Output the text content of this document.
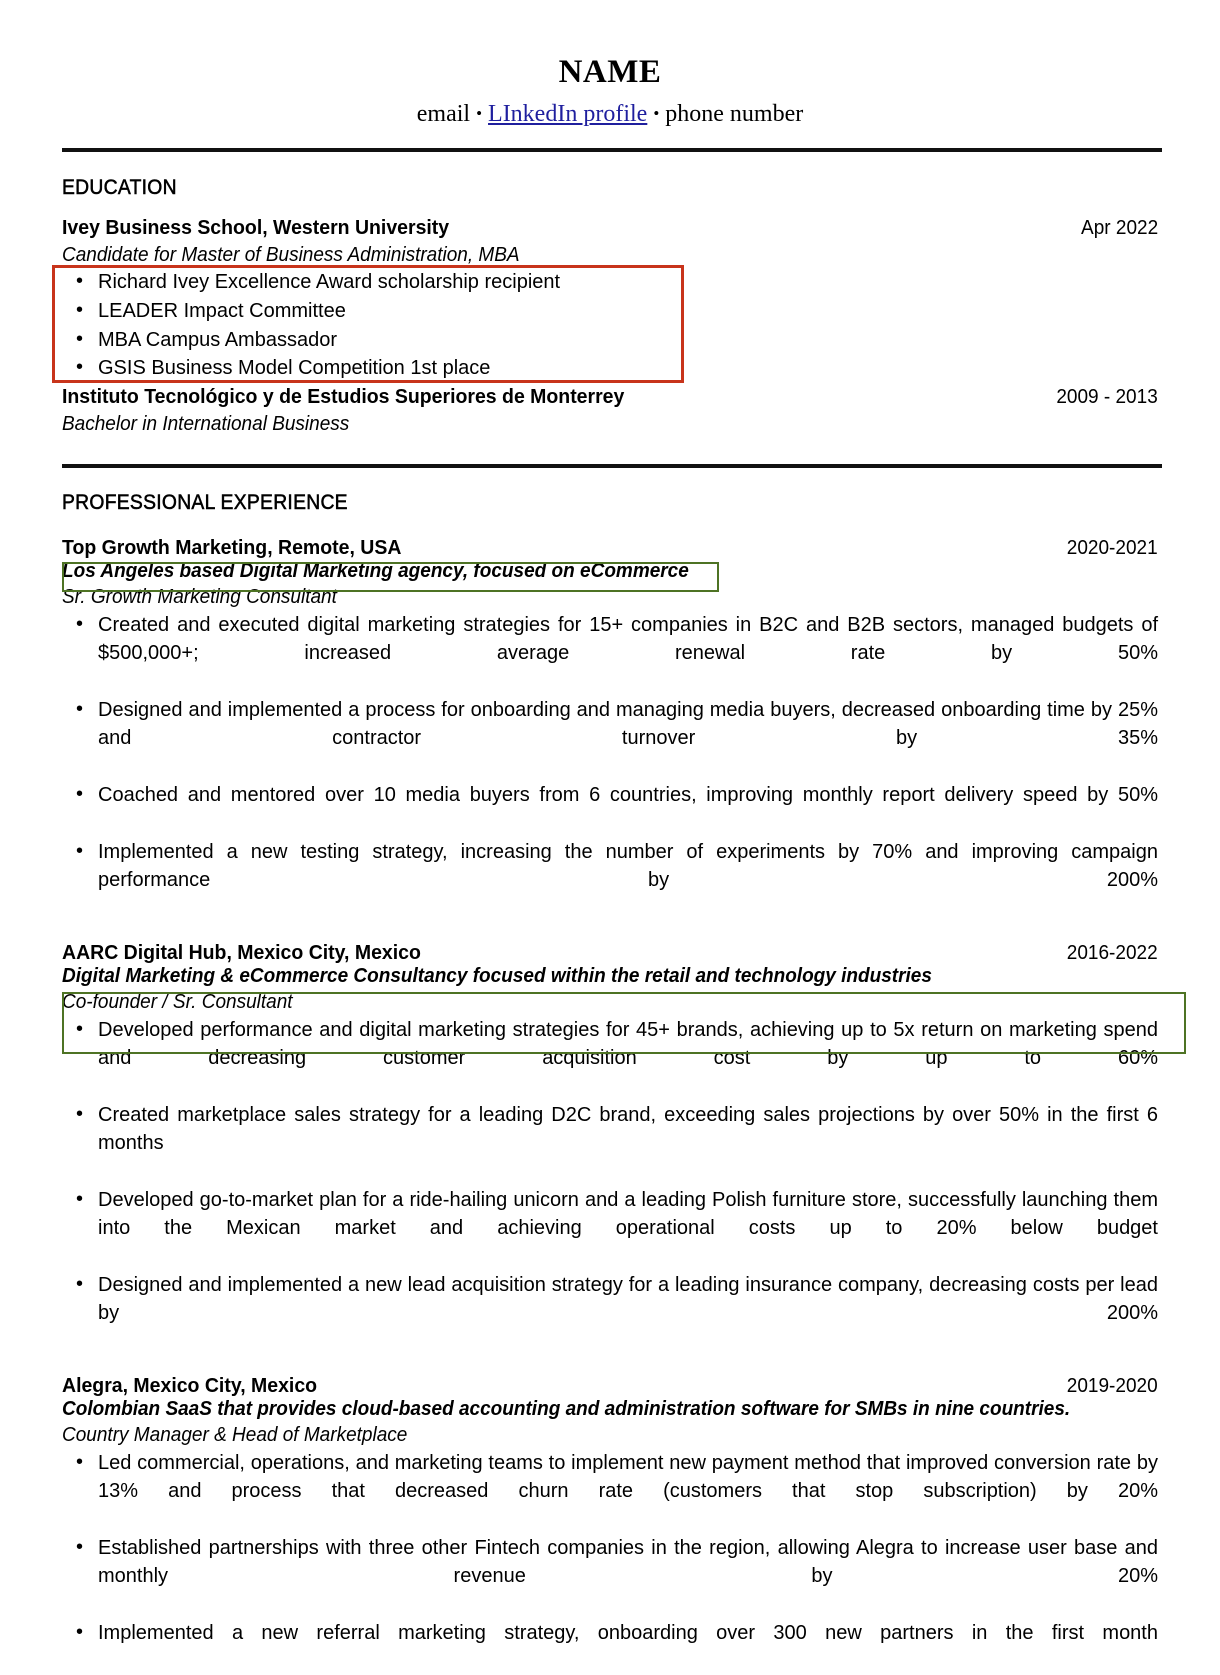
NAME
email • LInkedIn profile • phone number
EDUCATION
Ivey Business School, Western University	Apr 2022
Candidate for Master of Business Administration, MBA
• Richard Ivey Excellence Award scholarship recipient
• LEADER Impact Committee
• MBA Campus Ambassador
• GSIS Business Model Competition 1st place
Instituto Tecnológico y de Estudios Superiores de Monterrey	2009 - 2013
Bachelor in International Business
PROFESSIONAL EXPERIENCE
Top Growth Marketing, Remote, USA	2020-2021
Los Angeles based Digital Marketing agency, focused on eCommerce
Sr. Growth Marketing Consultant
• Created and executed digital marketing strategies for 15+ companies in B2C and B2B sectors, managed budgets of $500,000+; increased average renewal rate by 50%
• Designed and implemented a process for onboarding and managing media buyers, decreased onboarding time by 25% and contractor turnover by 35%
• Coached and mentored over 10 media buyers from 6 countries, improving monthly report delivery speed by 50%
• Implemented a new testing strategy, increasing the number of experiments by 70% and improving campaign performance by 200%
AARC Digital Hub, Mexico City, Mexico	2016-2022
Digital Marketing & eCommerce Consultancy focused within the retail and technology industries
Co-founder / Sr. Consultant
• Developed performance and digital marketing strategies for 45+ brands, achieving up to 5x return on marketing spend and decreasing customer acquisition cost by up to 60%
• Created marketplace sales strategy for a leading D2C brand, exceeding sales projections by over 50% in the first 6 months
• Developed go-to-market plan for a ride-hailing unicorn and a leading Polish furniture store, successfully launching them into the Mexican market and achieving operational costs up to 20% below budget
• Designed and implemented a new lead acquisition strategy for a leading insurance company, decreasing costs per lead by 200%
Alegra, Mexico City, Mexico	2019-2020
Colombian SaaS that provides cloud-based accounting and administration software for SMBs in nine countries.
Country Manager & Head of Marketplace
• Led commercial, operations, and marketing teams to implement new payment method that improved conversion rate by 13% and process that decreased churn rate (customers that stop subscription) by 20%
• Established partnerships with three other Fintech companies in the region, allowing Alegra to increase user base and monthly revenue by 20%
• Implemented a new referral marketing strategy, onboarding over 300 new partners in the first month
